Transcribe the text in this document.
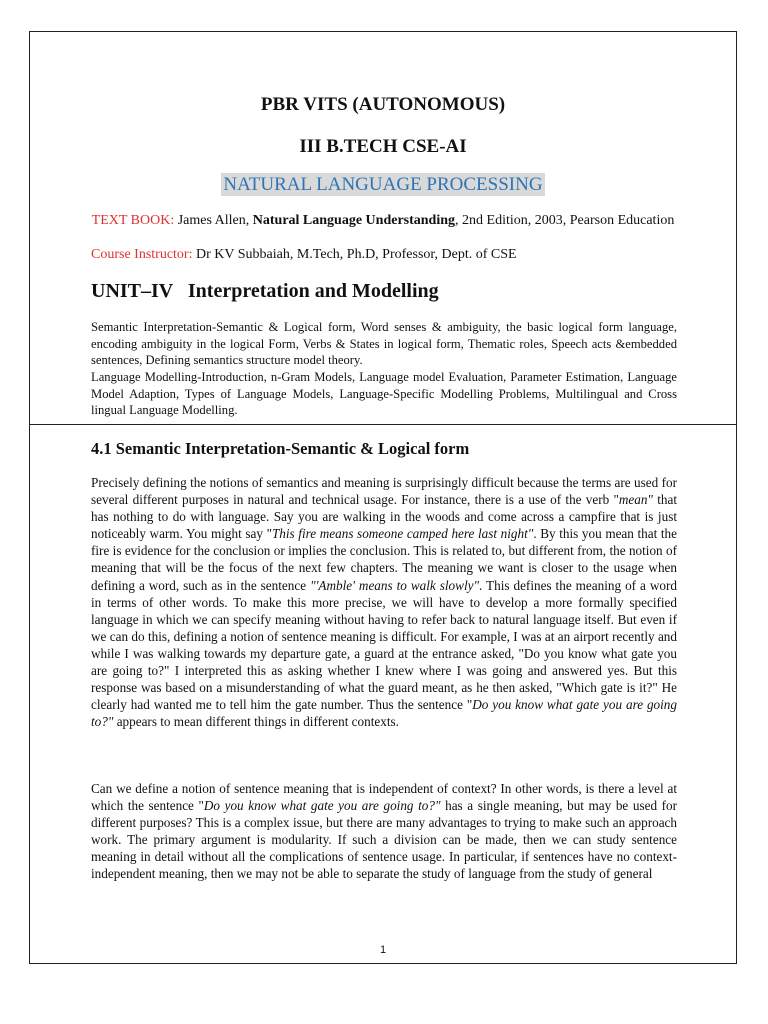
PBR VITS (AUTONOMOUS)
III B.TECH CSE-AI
NATURAL LANGUAGE PROCESSING
TEXT BOOK: James Allen, Natural Language Understanding, 2nd Edition, 2003, Pearson Education
Course Instructor: Dr KV Subbaiah, M.Tech, Ph.D, Professor, Dept. of CSE
UNIT–IV   Interpretation and Modelling
Semantic Interpretation-Semantic & Logical form, Word senses & ambiguity, the basic logical form language, encoding ambiguity in the logical Form, Verbs & States in logical form, Thematic roles, Speech acts &embedded sentences, Defining semantics structure model theory.
Language Modelling-Introduction, n-Gram Models, Language model Evaluation, Parameter Estimation, Language Model Adaption, Types of Language Models, Language-Specific Modelling Problems, Multilingual and Cross lingual Language Modelling.
4.1 Semantic Interpretation-Semantic & Logical form
Precisely defining the notions of semantics and meaning is surprisingly difficult because the terms are used for several different purposes in natural and technical usage. For instance, there is a use of the verb "mean" that has nothing to do with language. Say you are walking in the woods and come across a campfire that is just noticeably warm. You might say "This fire means someone camped here last night". By this you mean that the fire is evidence for the conclusion or implies the conclusion. This is related to, but different from, the notion of meaning that will be the focus of the next few chapters. The meaning we want is closer to the usage when defining a word, such as in the sentence "'Amble' means to walk slowly". This defines the meaning of a word in terms of other words. To make this more precise, we will have to develop a more formally specified language in which we can specify meaning without having to refer back to natural language itself. But even if we can do this, defining a notion of sentence meaning is difficult. For example, I was at an airport recently and while I was walking towards my departure gate, a guard at the entrance asked, "Do you know what gate you are going to?" I interpreted this as asking whether I knew where I was going and answered yes. But this response was based on a misunderstanding of what the guard meant, as he then asked, "Which gate is it?" He clearly had wanted me to tell him the gate number. Thus the sentence "Do you know what gate you are going to?" appears to mean different things in different contexts.
Can we define a notion of sentence meaning that is independent of context? In other words, is there a level at which the sentence "Do you know what gate you are going to?" has a single meaning, but may be used for different purposes? This is a complex issue, but there are many advantages to trying to make such an approach work. The primary argument is modularity. If such a division can be made, then we can study sentence meaning in detail without all the complications of sentence usage. In particular, if sentences have no context-independent meaning, then we may not be able to separate the study of language from the study of general
1
